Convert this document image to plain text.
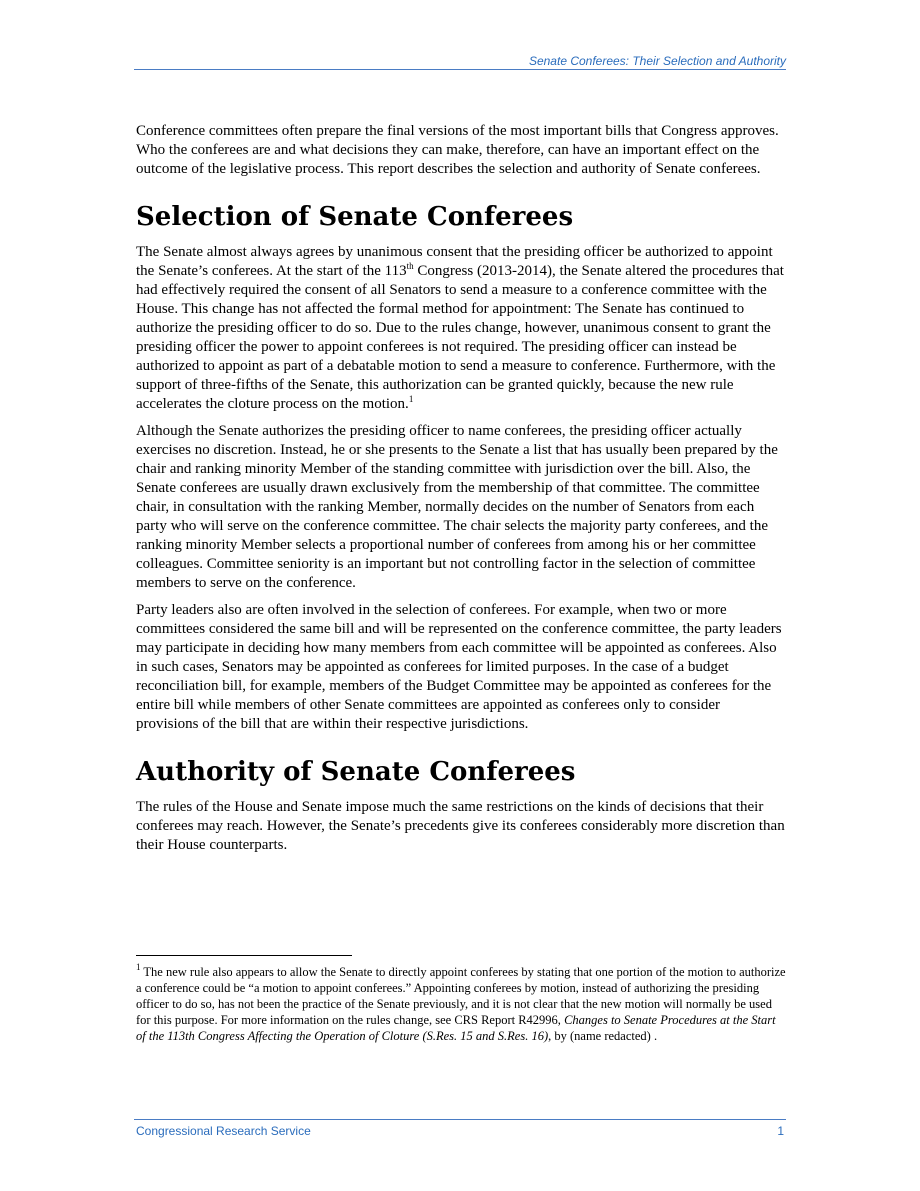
Senate Conferees: Their Selection and Authority

Conference committees often prepare the final versions of the most important bills that Congress approves. Who the conferees are and what decisions they can make, therefore, can have an important effect on the outcome of the legislative process. This report describes the selection and authority of Senate conferees.

Selection of Senate Conferees

The Senate almost always agrees by unanimous consent that the presiding officer be authorized to appoint the Senate’s conferees. At the start of the 113th Congress (2013-2014), the Senate altered the procedures that had effectively required the consent of all Senators to send a measure to a conference committee with the House. This change has not affected the formal method for appointment: The Senate has continued to authorize the presiding officer to do so. Due to the rules change, however, unanimous consent to grant the presiding officer the power to appoint conferees is not required. The presiding officer can instead be authorized to appoint as part of a debatable motion to send a measure to conference. Furthermore, with the support of three-fifths of the Senate, this authorization can be granted quickly, because the new rule accelerates the cloture process on the motion.$^1$

Although the Senate authorizes the presiding officer to name conferees, the presiding officer actually exercises no discretion. Instead, he or she presents to the Senate a list that has usually been prepared by the chair and ranking minority Member of the standing committee with jurisdiction over the bill. Also, the Senate conferees are usually drawn exclusively from the membership of that committee. The committee chair, in consultation with the ranking Member, normally decides on the number of Senators from each party who will serve on the conference committee. The chair selects the majority party conferees, and the ranking minority Member selects a proportional number of conferees from among his or her committee colleagues. Committee seniority is an important but not controlling factor in the selection of committee members to serve on the conference.

Party leaders also are often involved in the selection of conferees. For example, when two or more committees considered the same bill and will be represented on the conference committee, the party leaders may participate in deciding how many members from each committee will be appointed as conferees. Also in such cases, Senators may be appointed as conferees for limited purposes. In the case of a budget reconciliation bill, for example, members of the Budget Committee may be appointed as conferees for the entire bill while members of other Senate committees are appointed as conferees only to consider provisions of the bill that are within their respective jurisdictions.

Authority of Senate Conferees

The rules of the House and Senate impose much the same restrictions on the kinds of decisions that their conferees may reach. However, the Senate’s precedents give its conferees considerably more discretion than their House counterparts.

$^1$ The new rule also appears to allow the Senate to directly appoint conferees by stating that one portion of the motion to authorize a conference could be “a motion to appoint conferees.” Appointing conferees by motion, instead of authorizing the presiding officer to do so, has not been the practice of the Senate previously, and it is not clear that the new motion will normally be used for this purpose. For more information on the rules change, see CRS Report R42996, Changes to Senate Procedures at the Start of the 113th Congress Affecting the Operation of Cloture (S.Res. 15 and S.Res. 16), by (name redacted) .
Congressional Research Service	1
